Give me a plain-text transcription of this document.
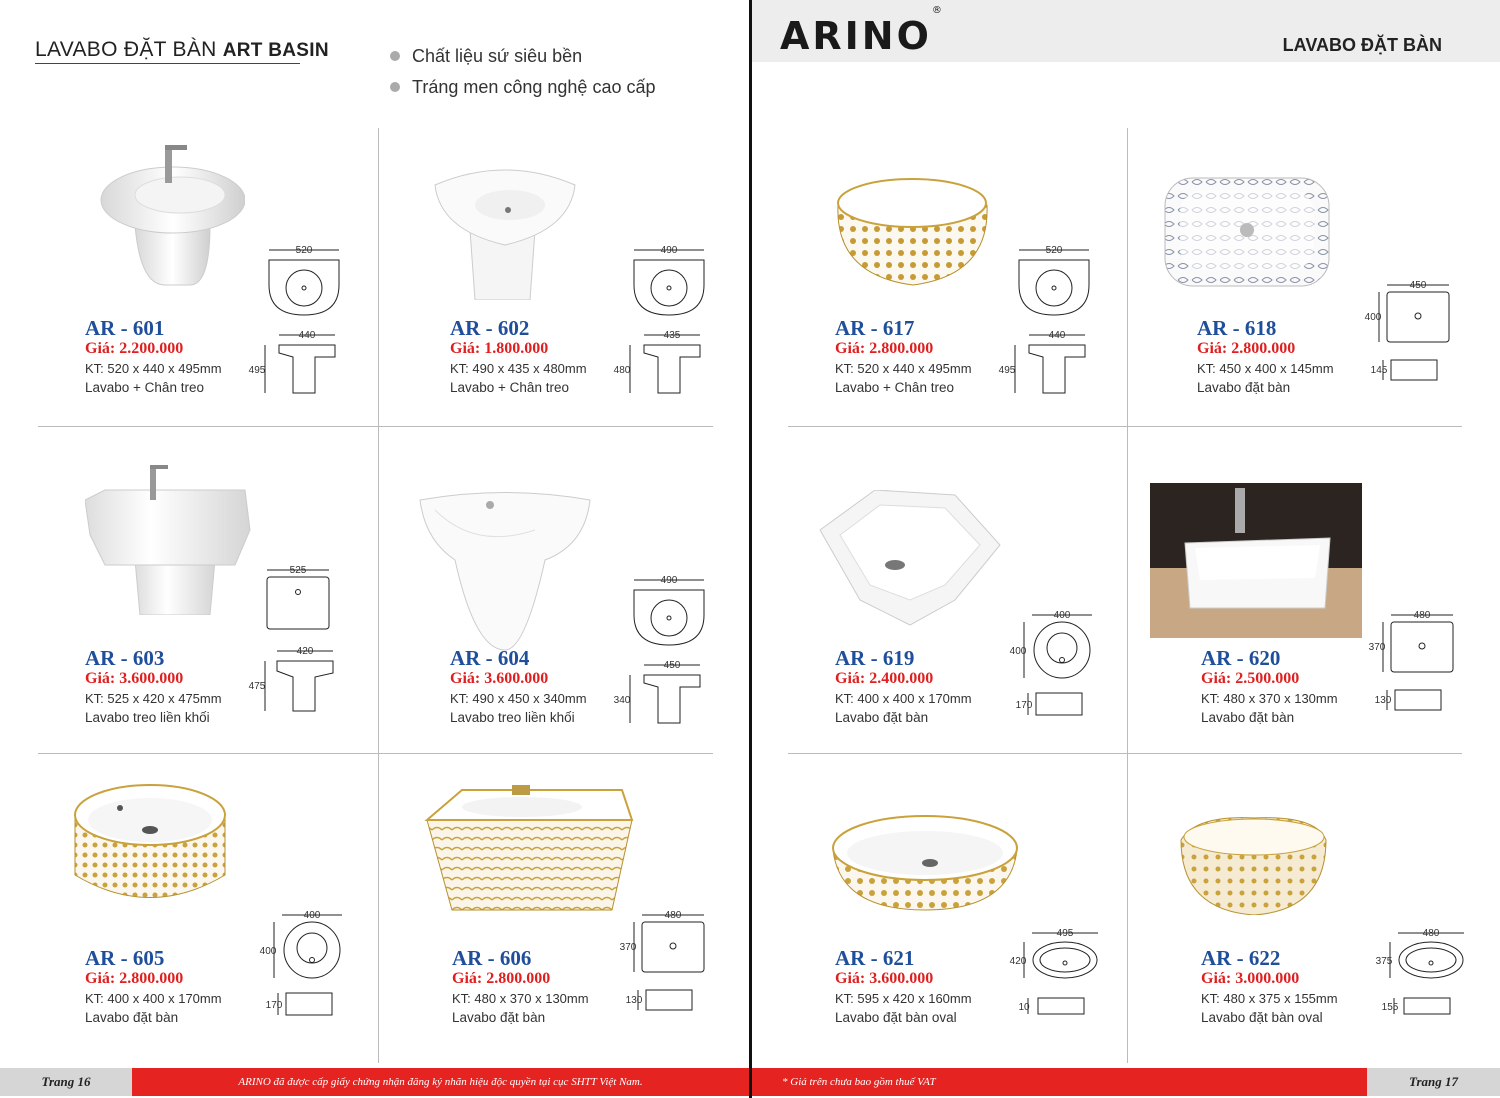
LAVABO ĐẶT BÀN ART BASIN	Chất liệu sứ siêu bền
Tráng men công nghệ cao cấp
ARINO®
LAVABO ĐẶT BÀN
520
440
495
AR - 601
Giá: 2.200.000
KT: 520 x 440 x 495mm
Lavabo + Chân treo
490
435
480
AR - 602
Giá: 1.800.000
KT: 490 x 435 x 480mm
Lavabo + Chân treo
525
420
475
AR - 603
Giá: 3.600.000
KT: 525 x 420 x 475mm
Lavabo treo liền khối
490
450
340
AR - 604
Giá: 3.600.000
KT: 490 x 450 x 340mm
Lavabo treo liền khối
400
400
170
AR - 605
Giá: 2.800.000
KT: 400 x 400 x 170mm
Lavabo đặt bàn
480
370
130
AR - 606
Giá: 2.800.000
KT: 480 x 370 x 130mm
Lavabo đặt bàn
520
440
495
AR - 617
Giá: 2.800.000
KT: 520 x 440 x 495mm
Lavabo + Chân treo
450
400
145
AR - 618
Giá: 2.800.000
KT: 450 x 400 x 145mm
Lavabo đặt bàn
400
400
170
AR - 619
Giá: 2.400.000
KT: 400 x 400 x 170mm
Lavabo đặt bàn
480
370
130
AR - 620
Giá: 2.500.000
KT: 480 x 370 x 130mm
Lavabo đặt bàn
495
420
10
AR - 621
Giá: 3.600.000
KT: 595 x 420 x 160mm
Lavabo đặt bàn oval
480
375
155
AR - 622
Giá: 3.000.000
KT: 480 x 375 x 155mm
Lavabo đặt bàn oval
Trang 16	ARINO đã được cấp giấy chứng nhận đăng ký nhãn hiệu độc quyền tại cục SHTT Việt Nam.	* Giá trên chưa bao gồm thuế VAT	Trang 17
